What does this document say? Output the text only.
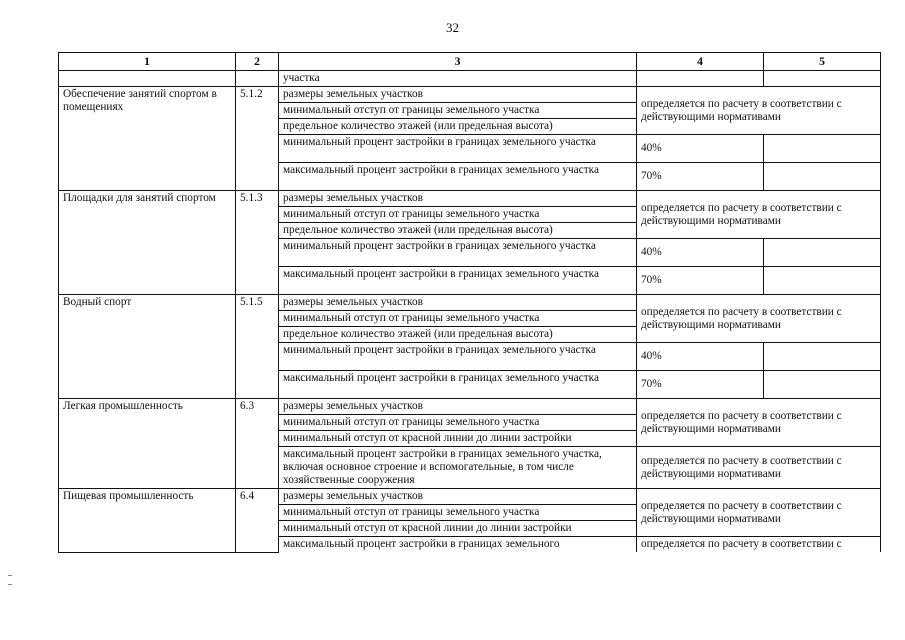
32
1	2	3	4	5
		участка		
Обеспечение занятий спортом в помещениях	5.1.2	размеры земельных участков	определяется по расчету в соответствии с действующими нормативами	
		минимальный отступ от границы земельного участка		
		предельное количество этажей (или предельная высота)		
		минимальный процент застройки в границах земельного участка	40%	
		максимальный процент застройки в границах земельного участка	70%	
Площадки для занятий спортом	5.1.3	размеры земельных участков	определяется по расчету в соответствии с действующими нормативами	
		минимальный отступ от границы земельного участка		
		предельное количество этажей (или предельная высота)		
		минимальный процент застройки в границах земельного участка	40%	
		максимальный процент застройки в границах земельного участка	70%	
Водный спорт	5.1.5	размеры земельных участков	определяется по расчету в соответствии с действующими нормативами	
		минимальный отступ от границы земельного участка		
		предельное количество этажей (или предельная высота)		
		минимальный процент застройки в границах земельного участка	40%	
		максимальный процент застройки в границах земельного участка	70%	
Легкая промышленность	6.3	размеры земельных участков	определяется по расчету в соответствии с действующими нормативами	
		минимальный отступ от границы земельного участка		
		минимальный отступ от красной линии до линии застройки		
		максимальный процент застройки в границах земельного участка, включая основное строение и вспомогательные, в том числе хозяйственные сооружения	определяется по расчету в соответствии с действующими нормативами	
Пищевая промышленность	6.4	размеры земельных участков	определяется по расчету в соответствии с действующими нормативами	
		минимальный отступ от границы земельного участка		
		минимальный отступ от красной линии до линии застройки		
		максимальный процент застройки в границах земельного	определяется по расчету в соответствии с	
